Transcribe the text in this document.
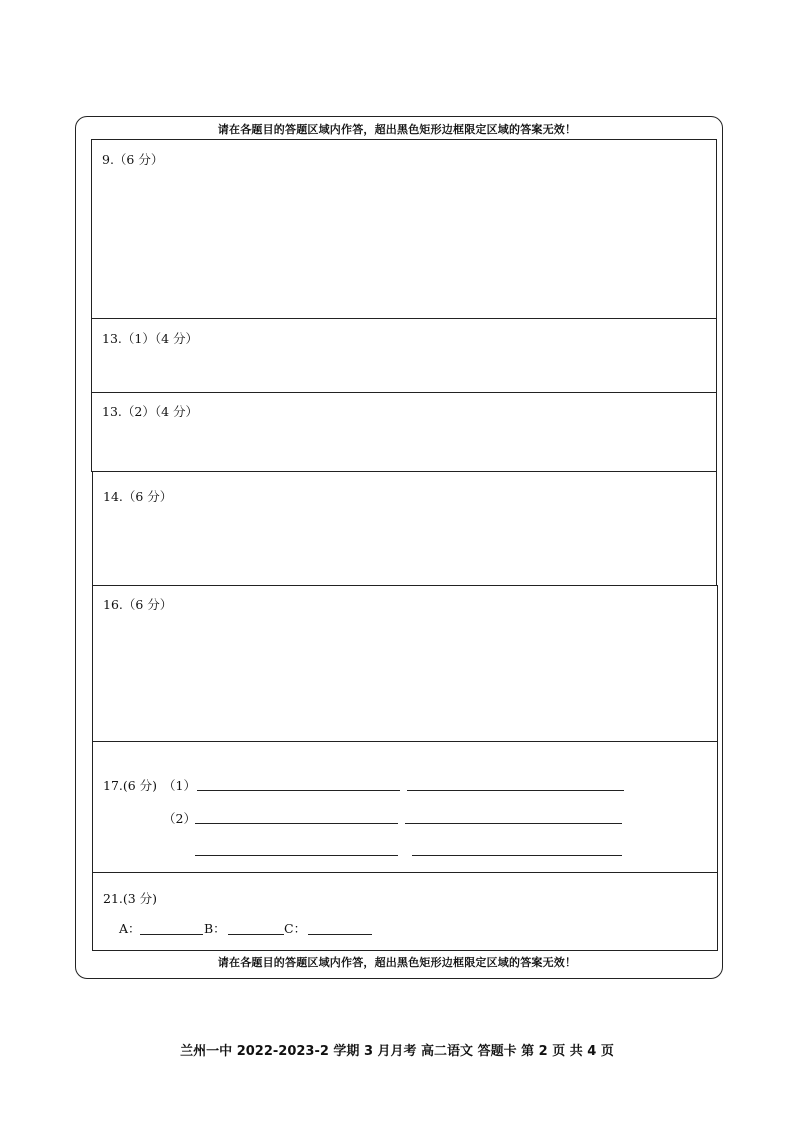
请在各题目的答题区域内作答，超出黑色矩形边框限定区域的答案无效！
9.（6 分）
13.（1）（4 分）
13.（2）（4 分）
14.（6 分）
16.（6 分）
17.(6 分) （1）
（2）
21.(3 分)
A：	B：	C：
请在各题目的答题区域内作答，超出黑色矩形边框限定区域的答案无效！
兰州一中 2022-2023-2 学期 3 月月考 高二语文 答题卡 第 2 页 共 4 页
